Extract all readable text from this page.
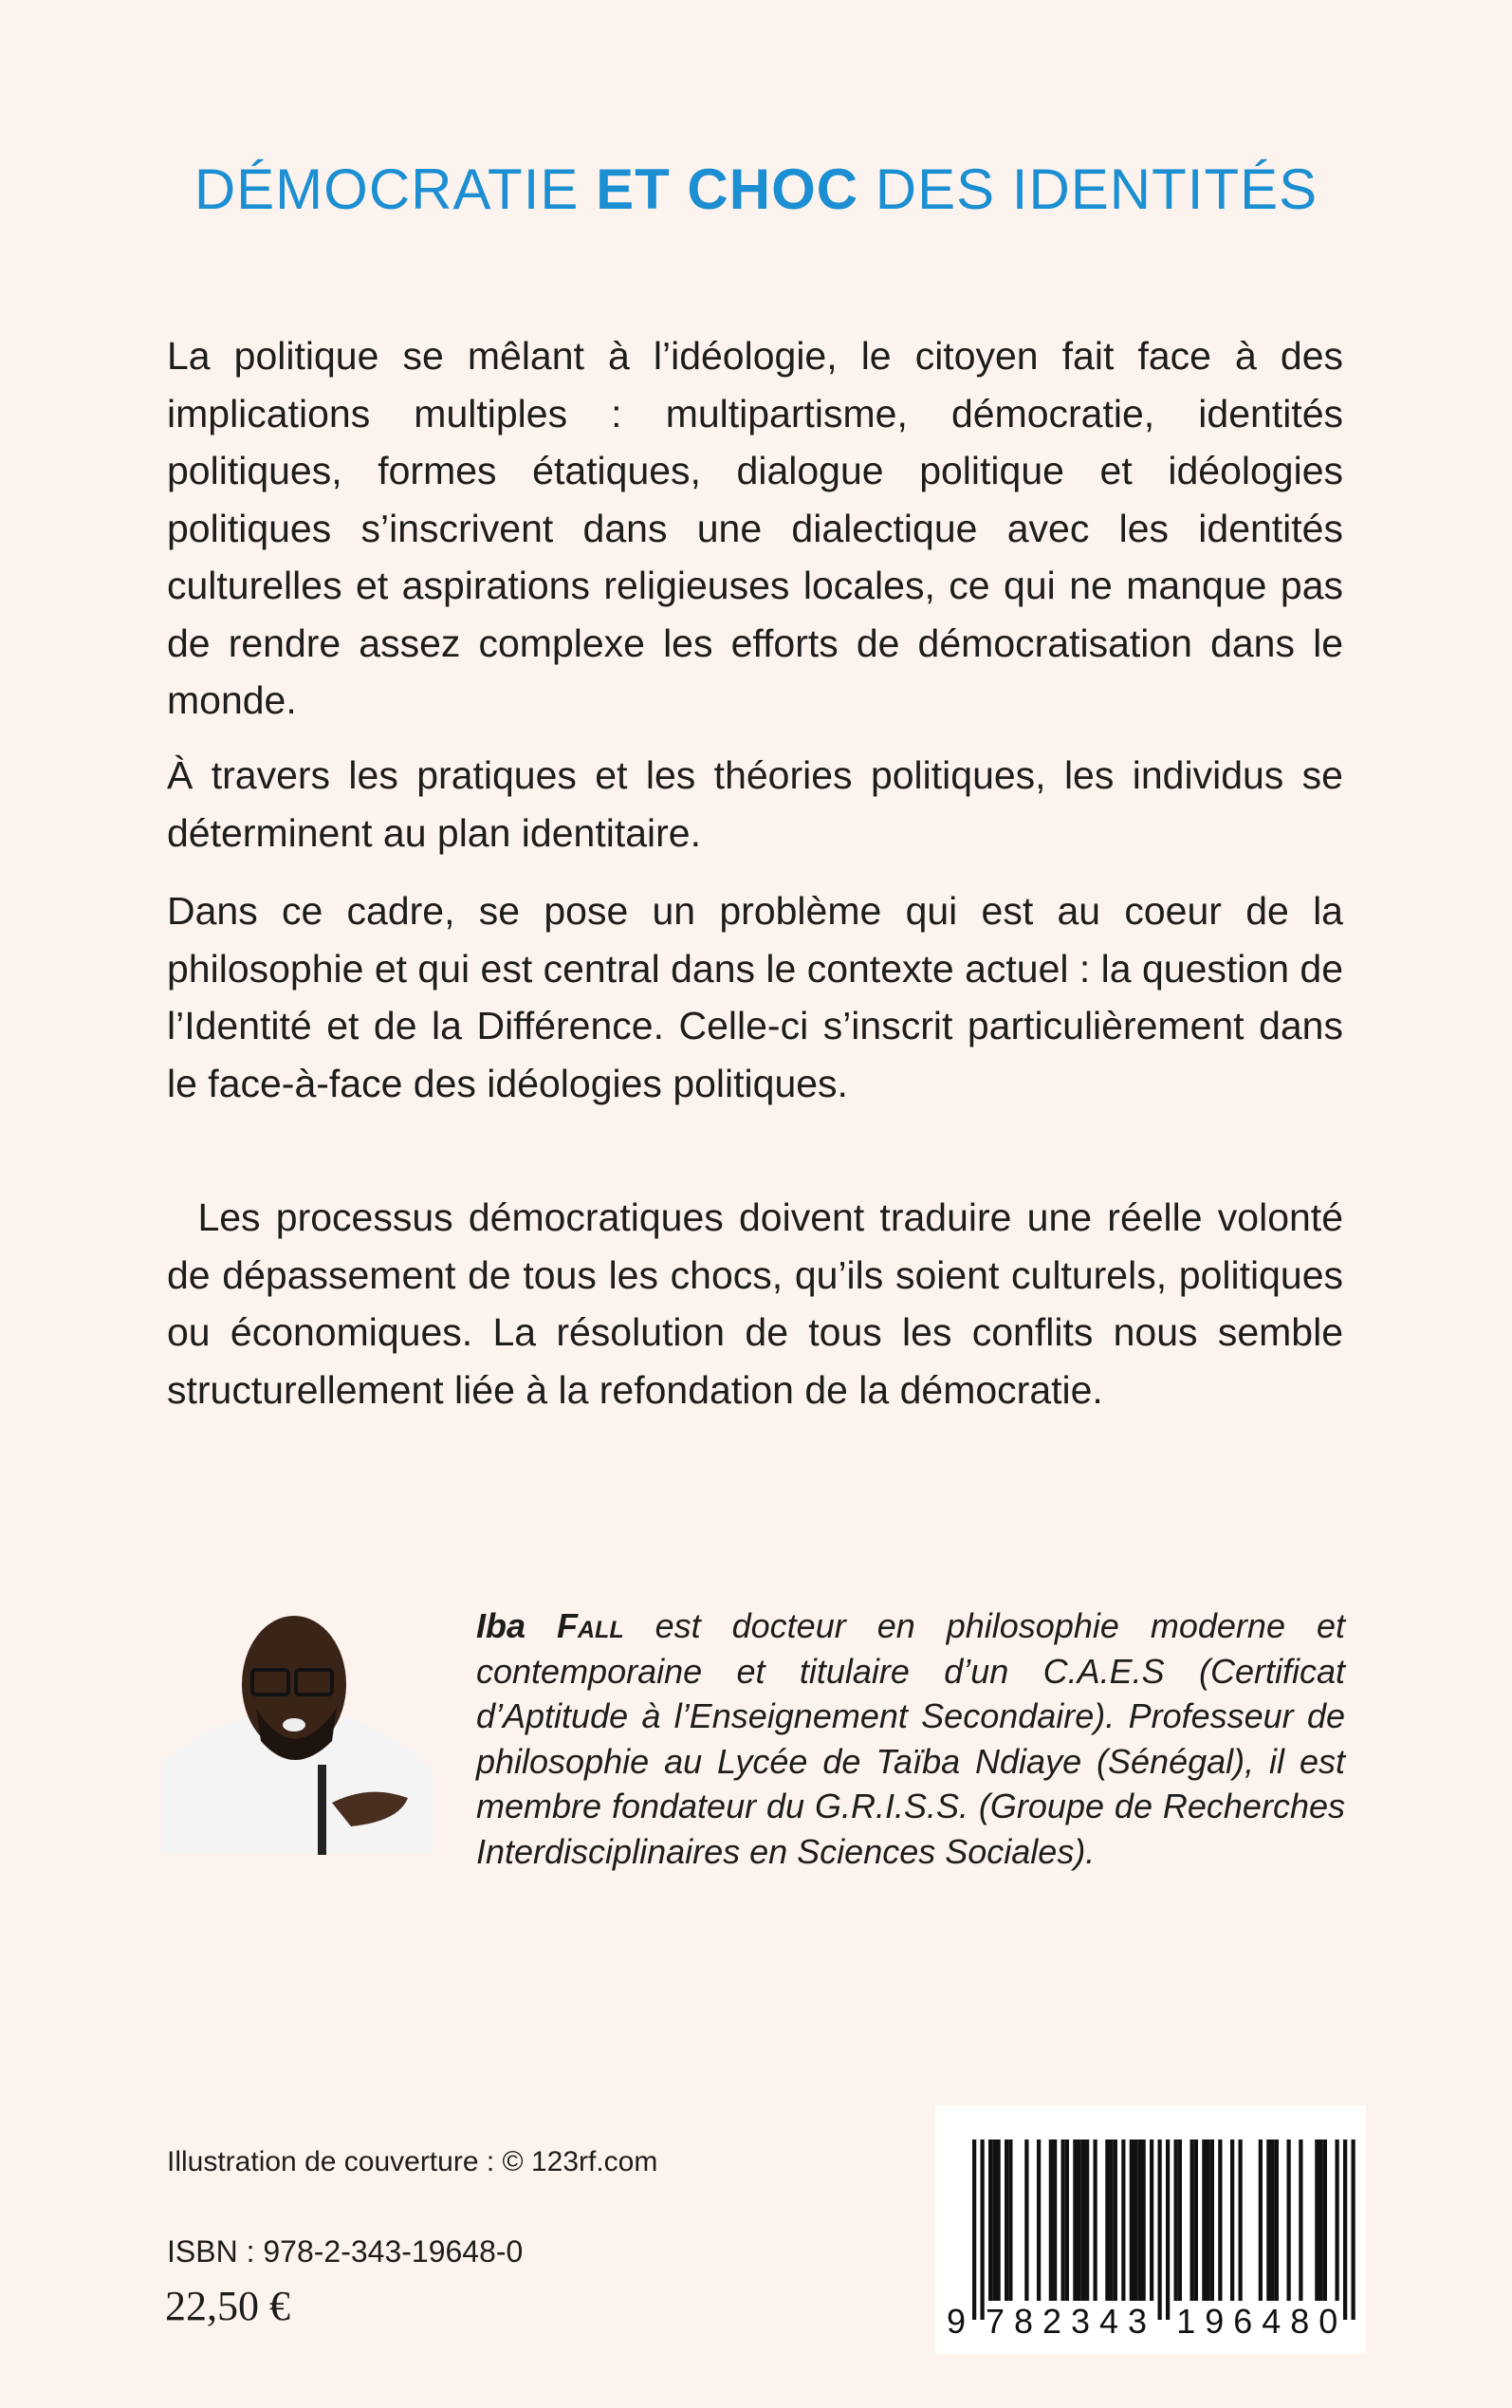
DÉMOCRATIE ET CHOC DES IDENTITÉS

La politique se mêlant à l’idéologie, le citoyen fait face à des implications multiples : multipartisme, démocratie, identités politiques, formes étatiques, dialogue politique et idéologies politiques s’inscrivent dans une dialectique avec les identités culturelles et aspirations religieuses locales, ce qui ne manque pas de rendre assez complexe les efforts de démocratisation dans le monde.

À travers les pratiques et les théories politiques, les individus se déterminent au plan identitaire.

Dans ce cadre, se pose un problème qui est au coeur de la philosophie et qui est central dans le contexte actuel : la question de l’Identité et de la Différence. Celle-ci s’inscrit particulièrement dans le face-à-face des idéologies politiques.

Les processus démocratiques doivent traduire une réelle volonté de dépassement de tous les chocs, qu’ils soient culturels, politiques ou économiques. La résolution de tous les conflits nous semble structurellement liée à la refondation de la démocratie.

Iba Fall est docteur en philosophie moderne et contemporaine et titulaire d’un C.A.E.S (Certificat d’Aptitude à l’Enseignement Secondaire). Professeur de philosophie au Lycée de Taïba Ndiaye (Sénégal), il est membre fondateur du G.R.I.S.S. (Groupe de Recherches Interdisciplinaires en Sciences Sociales).

Illustration de couverture : © 123rf.com
ISBN : 978-2-343-19648-0
22,50 €	9 782343 196480
